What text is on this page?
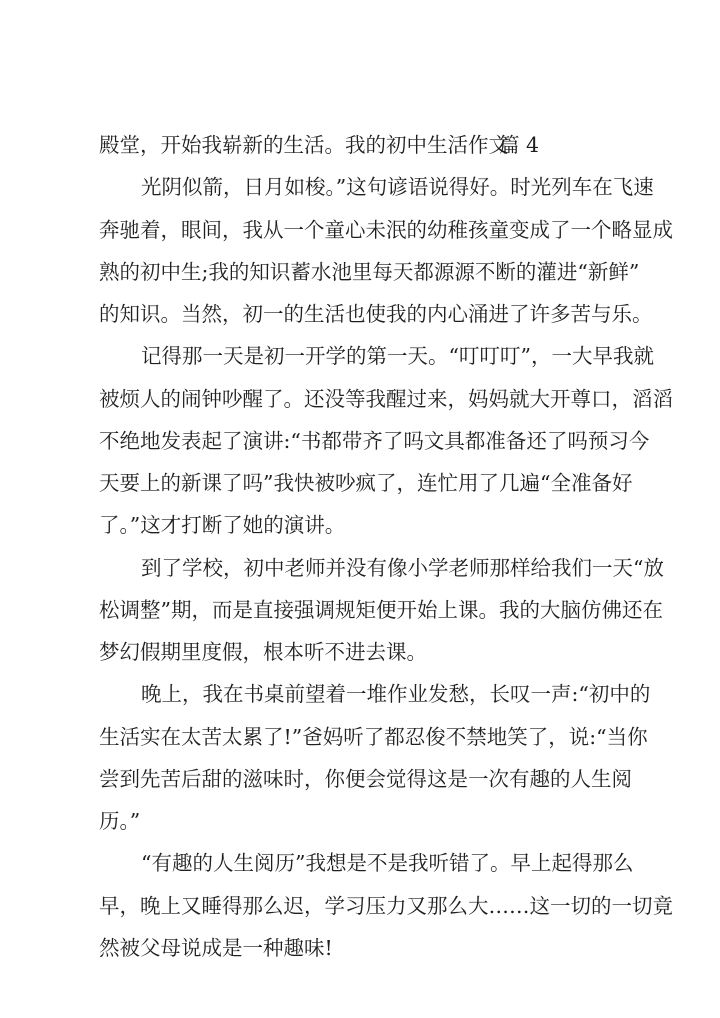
殿堂，开始我崭新的生活。我的初中生活作文
篇 4
光阴似箭，日月如梭。”这句谚语说得好。时光列车在飞速
奔驰着，眼间，我从一个童心未泯的幼稚孩童变成了一个略显成
熟的初中生;我的知识蓄水池里每天都源源不断的灌进“新鲜”
的知识。当然，初一的生活也使我的内心涌进了许多苦与乐。
记得那一天是初一开学的第一天。“叮叮叮”，一大早我就
被烦人的闹钟吵醒了。还没等我醒过来，妈妈就大开尊口，滔滔
不绝地发表起了演讲:“书都带齐了吗文具都准备还了吗预习今
天要上的新课了吗”我快被吵疯了，连忙用了几遍“全准备好
了。”这才打断了她的演讲。
到了学校，初中老师并没有像小学老师那样给我们一天“放
松调整”期，而是直接强调规矩便开始上课。我的大脑仿佛还在
梦幻假期里度假，根本听不进去课。
晚上，我在书桌前望着一堆作业发愁，长叹一声:“初中的
生活实在太苦太累了!”爸妈听了都忍俊不禁地笑了，说:“当你
尝到先苦后甜的滋味时，你便会觉得这是一次有趣的人生阅
历。”
“有趣的人生阅历”我想是不是我听错了。早上起得那么
早，晚上又睡得那么迟，学习压力又那么大……这一切的一切竟
然被父母说成是一种趣味!
